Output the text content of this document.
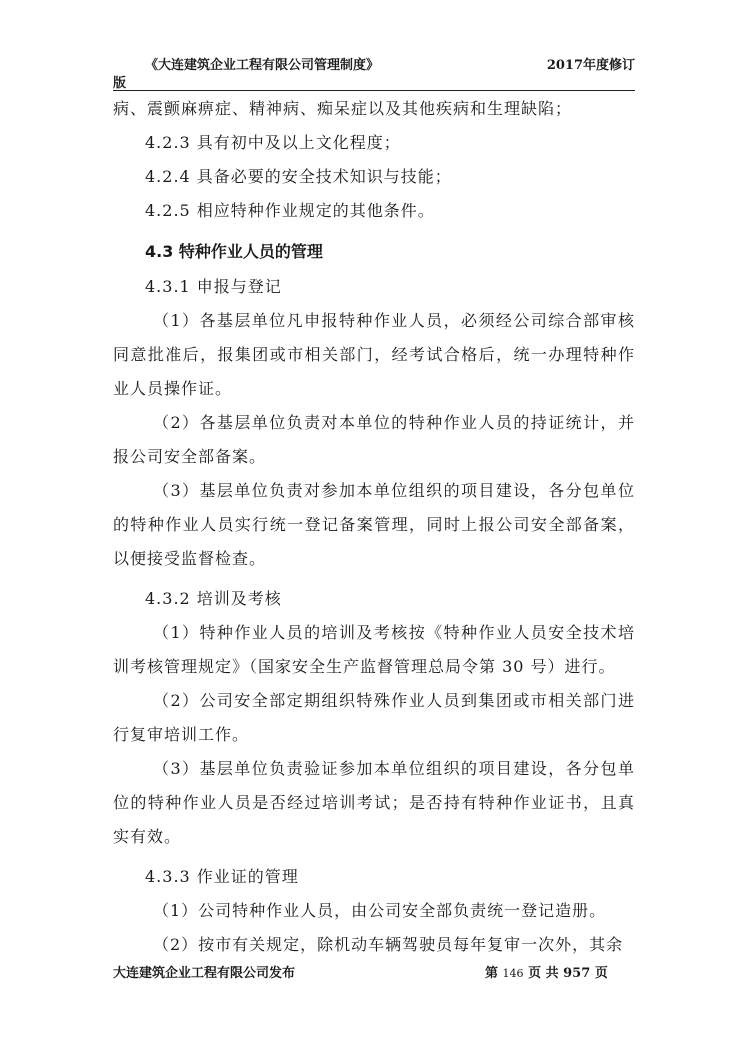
《大连建筑企业工程有限公司管理制度》	2017年度修订
版

病、震颤麻痹症、精神病、痴呆症以及其他疾病和生理缺陷；

4.2.3 具有初中及以上文化程度；

4.2.4 具备必要的安全技术知识与技能；

4.2.5 相应特种作业规定的其他条件。

4.3 特种作业人员的管理

4.3.1 申报与登记

（1）各基层单位凡申报特种作业人员，必须经公司综合部审核同意批准后，报集团或市相关部门，经考试合格后，统一办理特种作业人员操作证。

（2）各基层单位负责对本单位的特种作业人员的持证统计，并报公司安全部备案。

（3）基层单位负责对参加本单位组织的项目建设，各分包单位的特种作业人员实行统一登记备案管理，同时上报公司安全部备案，以便接受监督检查。

4.3.2 培训及考核

（1）特种作业人员的培训及考核按《特种作业人员安全技术培训考核管理规定》（国家安全生产监督管理总局令第 30 号）进行。

（2）公司安全部定期组织特殊作业人员到集团或市相关部门进行复审培训工作。

（3）基层单位负责验证参加本单位组织的项目建设，各分包单位的特种作业人员是否经过培训考试；是否持有特种作业证书，且真实有效。

4.3.3 作业证的管理

（1）公司特种作业人员，由公司安全部负责统一登记造册。

（2）按市有关规定，除机动车辆驾驶员每年复审一次外，其余

大连建筑企业工程有限公司发布	第 146 页 共 957 页
